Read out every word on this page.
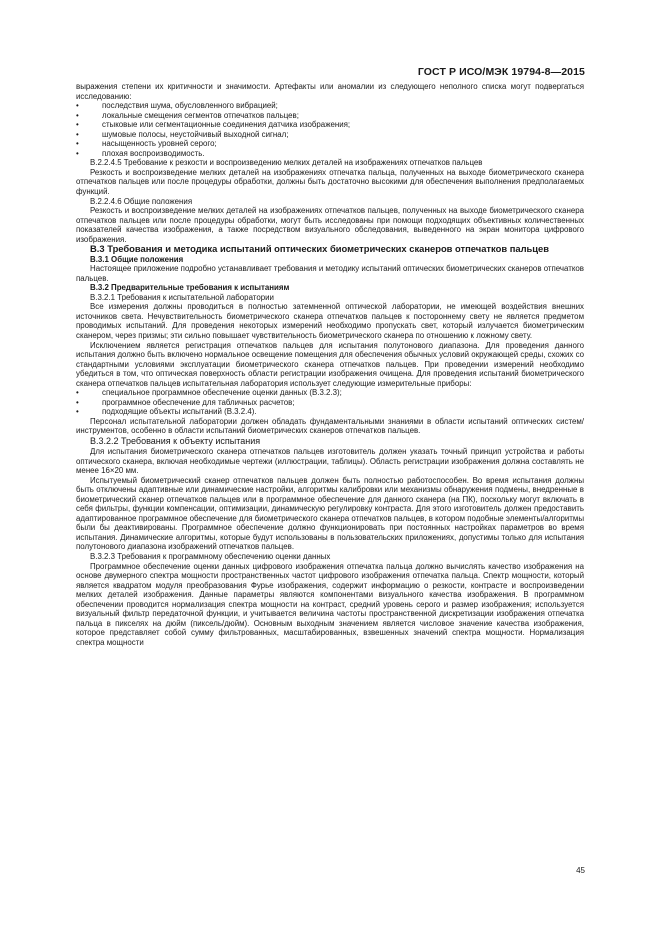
ГОСТ Р ИСО/МЭК 19794-8—2015

выражения степени их критичности и значимости. Артефакты или аномалии из следующего неполного списка могут подвергаться исследованию:

• последствия шума, обусловленного вибрацией;
• локальные смещения сегментов отпечатков пальцев;
• стыковые или сегментационные соединения датчика изображения;
• шумовые полосы, неустойчивый выходной сигнал;
• насыщенность уровней серого;
• плохая воспроизводимость.

В.2.2.4.5 Требование к резкости и воспроизведению мелких деталей на изображениях отпечатков пальцев

Резкость и воспроизведение мелких деталей на изображениях отпечатка пальца, полученных на выходе биометрического сканера отпечатков пальцев или после процедуры обработки, должны быть достаточно высокими для обеспечения выполнения предполагаемых функций.

В.2.2.4.6 Общие положения

Резкость и воспроизведение мелких деталей на изображениях отпечатков пальцев, полученных на выходе биометрического сканера отпечатков пальцев или после процедуры обработки, могут быть исследованы при помощи подходящих объективных количественных показателей качества изображения, а также посредством визуального обследования, выведенного на экран монитора цифрового изображения.

В.3 Требования и методика испытаний оптических биометрических сканеров отпечатков пальцев

В.3.1 Общие положения

Настоящее приложение подробно устанавливает требования и методику испытаний оптических биометрических сканеров отпечатков пальцев.

В.3.2 Предварительные требования к испытаниям

В.3.2.1 Требования к испытательной лаборатории

Все измерения должны проводиться в полностью затемненной оптической лаборатории, не имеющей воздействия внешних источников света. Нечувствительность биометрического сканера отпечатков пальцев к постороннему свету не является предметом проводимых испытаний. Для проведения некоторых измерений необходимо пропускать свет, который излучается биометрическим сканером, через призмы; эти сильно повышает чувствительность биометрического сканера по отношению к ложному свету.

Исключением является регистрация отпечатков пальцев для испытания полутонового диапазона. Для проведения данного испытания должно быть включено нормальное освещение помещения для обеспечения обычных условий окружающей среды, схожих со стандартными условиями эксплуатации биометрического сканера отпечатков пальцев. При проведении измерений необходимо убедиться в том, что оптическая поверхность области регистрации изображения очищена. Для проведения испытаний биометрического сканера отпечатков пальцев испытательная лаборатория использует следующие измерительные приборы:

• специальное программное обеспечение оценки данных (В.3.2.3);
• программное обеспечение для табличных расчетов;
• подходящие объекты испытаний (В.3.2.4).

Персонал испытательной лаборатории должен обладать фундаментальными знаниями в области испытаний оптических систем/инструментов, особенно в области испытаний биометрических сканеров отпечатков пальцев.

В.3.2.2 Требования к объекту испытания

Для испытания биометрического сканера отпечатков пальцев изготовитель должен указать точный принцип устройства и работы оптического сканера, включая необходимые чертежи (иллюстрации, таблицы). Область регистрации изображения должна составлять не менее 16×20 мм.

Испытуемый биометрический сканер отпечатков пальцев должен быть полностью работоспособен. Во время испытания должны быть отключены адаптивные или динамические настройки, алгоритмы калибровки или механизмы обнаружения подмены, внедренные в биометрический сканер отпечатков пальцев или в программное обеспечение для данного сканера (на ПК), поскольку могут включать в себя фильтры, функции компенсации, оптимизации, динамическую регулировку контраста. Для этого изготовитель должен предоставить адаптированное программное обеспечение для биометрического сканера отпечатков пальцев, в котором подобные элементы/алгоритмы были бы деактивированы. Программное обеспечение должно функционировать при постоянных настройках параметров во время испытания. Динамические алгоритмы, которые будут использованы в пользовательских приложениях, допустимы только для испытания полутонового диапазона изображений отпечатков пальцев.

В.3.2.3 Требования к программному обеспечению оценки данных

Программное обеспечение оценки данных цифрового изображения отпечатка пальца должно вычислять качество изображения на основе двумерного спектра мощности пространственных частот цифрового изображения отпечатка пальца. Спектр мощности, который является квадратом модуля преобразования Фурье изображения, содержит информацию о резкости, контрасте и воспроизведении мелких деталей изображения. Данные параметры являются компонентами визуального качества изображения. В программном обеспечении проводится нормализация спектра мощности на контраст, средний уровень серого и размер изображения; используется визуальный фильтр передаточной функции, и учитывается величина частоты пространственной дискретизации изображения отпечатка пальца в пикселях на дюйм (пиксель/дюйм). Основным выходным значением является числовое значение качества изображения, которое представляет собой сумму фильтрованных, масштабированных, взвешенных значений спектра мощности. Нормализация спектра мощности

45
